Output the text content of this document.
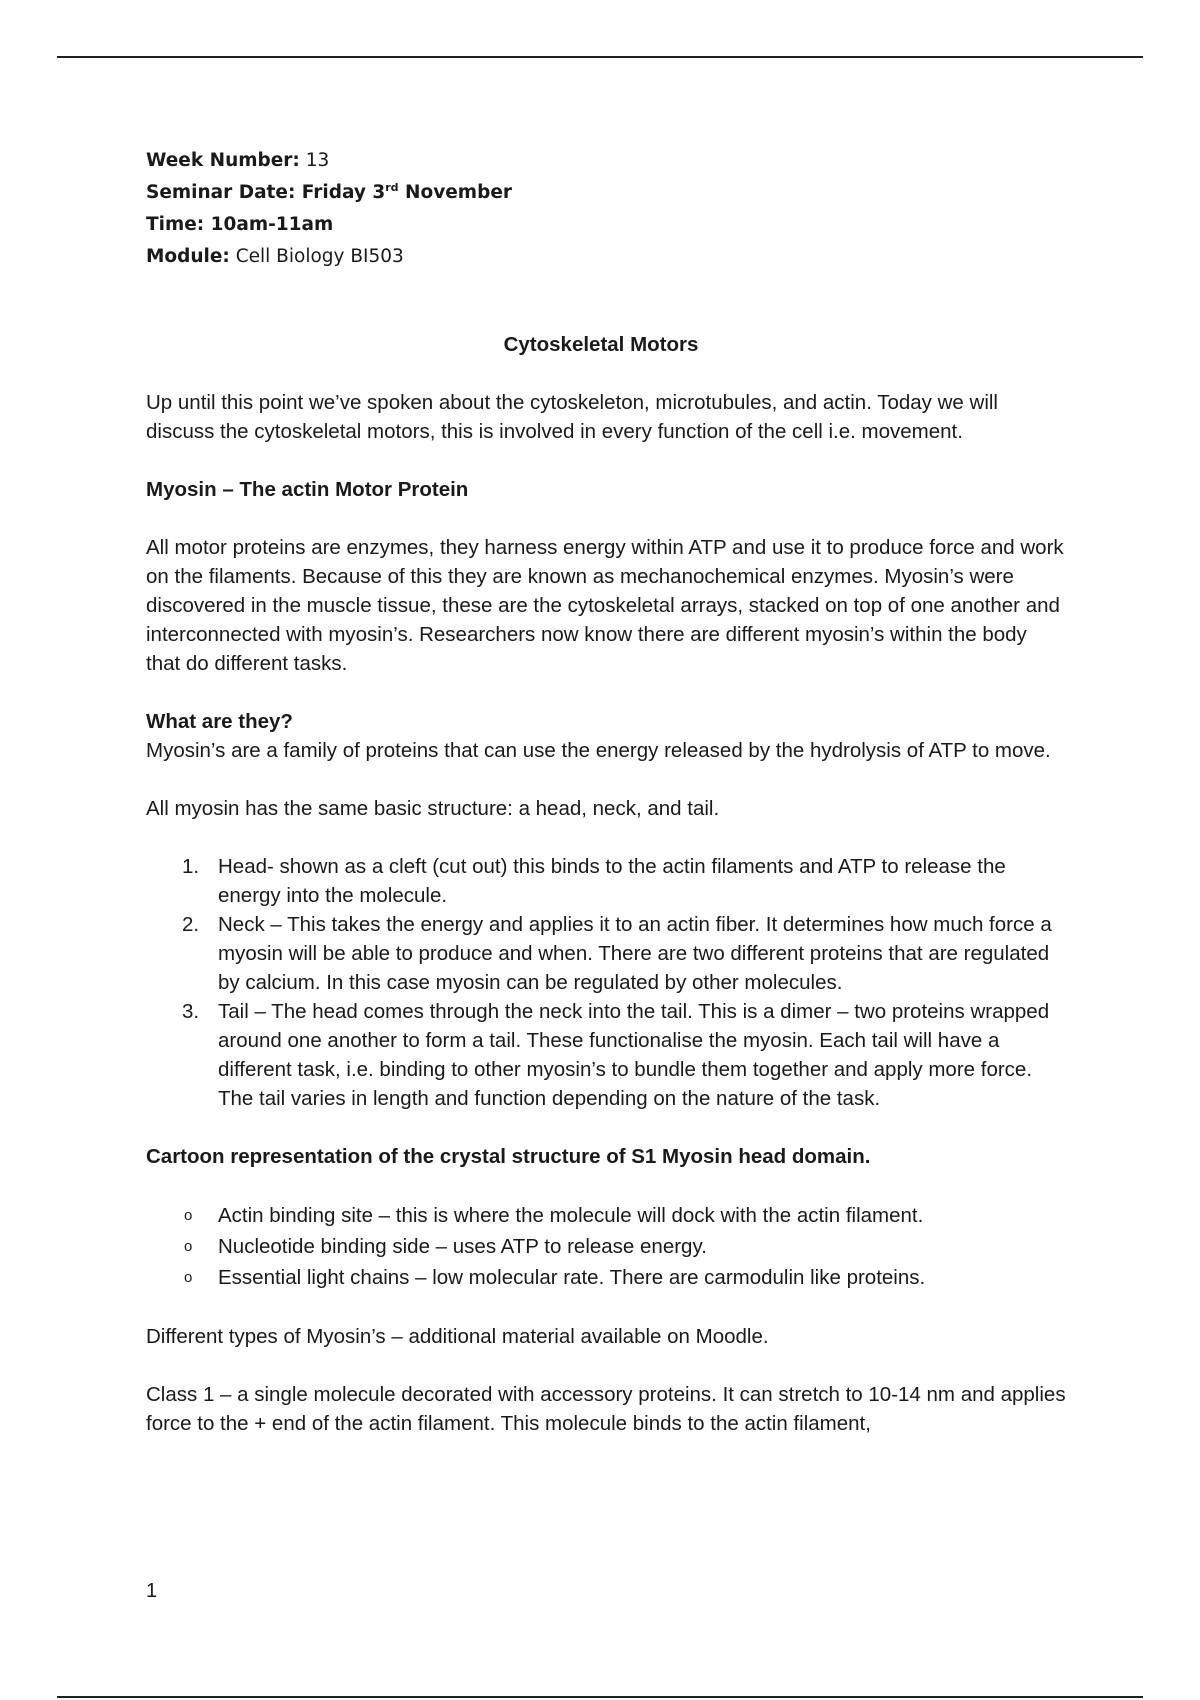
Week Number: 13
Seminar Date: Friday 3rd November
Time: 10am-11am
Module: Cell Biology BI503

Cytoskeletal Motors

Up until this point we’ve spoken about the cytoskeleton, microtubules, and actin. Today we will discuss the cytoskeletal motors, this is involved in every function of the cell i.e. movement.

Myosin – The actin Motor Protein

All motor proteins are enzymes, they harness energy within ATP and use it to produce force and work on the filaments. Because of this they are known as mechanochemical enzymes. Myosin’s were discovered in the muscle tissue, these are the cytoskeletal arrays, stacked on top of one another and interconnected with myosin’s. Researchers now know there are different myosin’s within the body that do different tasks.

What are they?

Myosin’s are a family of proteins that can use the energy released by the hydrolysis of ATP to move.

All myosin has the same basic structure: a head, neck, and tail.

1. Head- shown as a cleft (cut out) this binds to the actin filaments and ATP to release the energy into the molecule.
2. Neck – This takes the energy and applies it to an actin fiber. It determines how much force a myosin will be able to produce and when. There are two different proteins that are regulated by calcium. In this case myosin can be regulated by other molecules.
3. Tail – The head comes through the neck into the tail. This is a dimer – two proteins wrapped around one another to form a tail. These functionalise the myosin. Each tail will have a different task, i.e. binding to other myosin’s to bundle them together and apply more force. The tail varies in length and function depending on the nature of the task.

Cartoon representation of the crystal structure of S1 Myosin head domain.

o Actin binding site – this is where the molecule will dock with the actin filament.
o Nucleotide binding side – uses ATP to release energy.
o Essential light chains – low molecular rate. There are carmodulin like proteins.

Different types of Myosin’s – additional material available on Moodle.

Class 1 – a single molecule decorated with accessory proteins. It can stretch to 10-14 nm and applies force to the + end of the actin filament. This molecule binds to the actin filament,

1
